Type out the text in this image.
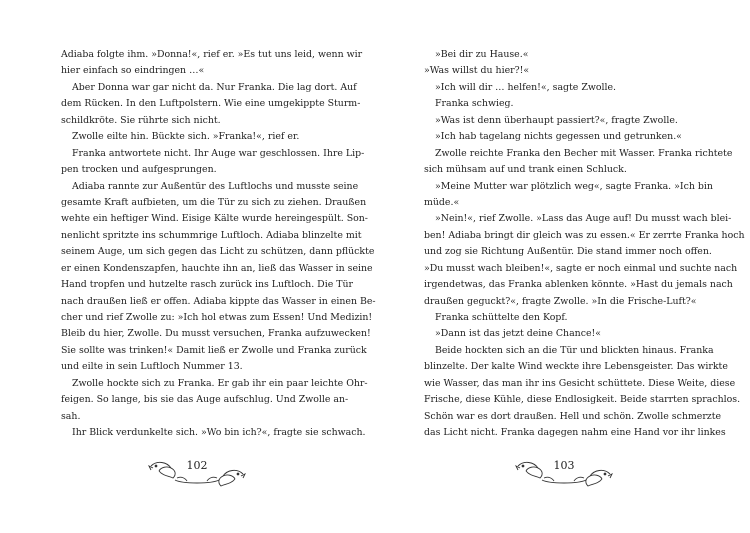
Adiaba folgte ihm. »Donna!«, rief er. »Es tut uns leid, wenn wir
hier einfach so eindringen …«
Aber Donna war gar nicht da. Nur Franka. Die lag dort. Auf
dem Rücken. In den Luftpolstern. Wie eine umgekippte Sturm-
schildkröte. Sie rührte sich nicht.
Zwolle eilte hin. Bückte sich. »Franka!«, rief er.
Franka antwortete nicht. Ihr Auge war geschlossen. Ihre Lip-
pen trocken und aufgesprungen.
Adiaba rannte zur Außentür des Luftlochs und musste seine
gesamte Kraft aufbieten, um die Tür zu sich zu ziehen. Draußen
wehte ein heftiger Wind. Eisige Kälte wurde hereingespült. Son-
nenlicht spritzte ins schummrige Luftloch. Adiaba blinzelte mit
seinem Auge, um sich gegen das Licht zu schützen, dann pflückte
er einen Kondenszapfen, hauchte ihn an, ließ das Wasser in seine
Hand tropfen und hutzelte rasch zurück ins Luftloch. Die Tür
nach draußen ließ er offen. Adiaba kippte das Wasser in einen Be-
cher und rief Zwolle zu: »Ich hol etwas zum Essen! Und Medizin!
Bleib du hier, Zwolle. Du musst versuchen, Franka aufzuwecken!
Sie sollte was trinken!« Damit ließ er Zwolle und Franka zurück
und eilte in sein Luftloch Nummer 13.
Zwolle hockte sich zu Franka. Er gab ihr ein paar leichte Ohr-
feigen. So lange, bis sie das Auge aufschlug. Und Zwolle an-
sah.
Ihr Blick verdunkelte sich. »Wo bin ich?«, fragte sie schwach.
102
»Bei dir zu Hause.«
»Was willst du hier?!«
»Ich will dir … helfen!«, sagte Zwolle.
Franka schwieg.
»Was ist denn überhaupt passiert?«, fragte Zwolle.
»Ich hab tagelang nichts gegessen und getrunken.«
Zwolle reichte Franka den Becher mit Wasser. Franka richtete
sich mühsam auf und trank einen Schluck.
»Meine Mutter war plötzlich weg«, sagte Franka. »Ich bin
müde.«
»Nein!«, rief Zwolle. »Lass das Auge auf! Du musst wach blei-
ben! Adiaba bringt dir gleich was zu essen.« Er zerrte Franka hoch
und zog sie Richtung Außentür. Die stand immer noch offen.
»Du musst wach bleiben!«, sagte er noch einmal und suchte nach
irgendetwas, das Franka ablenken könnte. »Hast du jemals nach
draußen geguckt?«, fragte Zwolle. »In die Frische-Luft?«
Franka schüttelte den Kopf.
»Dann ist das jetzt deine Chance!«
Beide hockten sich an die Tür und blickten hinaus. Franka
blinzelte. Der kalte Wind weckte ihre Lebensgeister. Das wirkte
wie Wasser, das man ihr ins Gesicht schüttete. Diese Weite, diese
Frische, diese Kühle, diese Endlosigkeit. Beide starrten sprachlos.
Schön war es dort draußen. Hell und schön. Zwolle schmerzte
das Licht nicht. Franka dagegen nahm eine Hand vor ihr linkes
103
